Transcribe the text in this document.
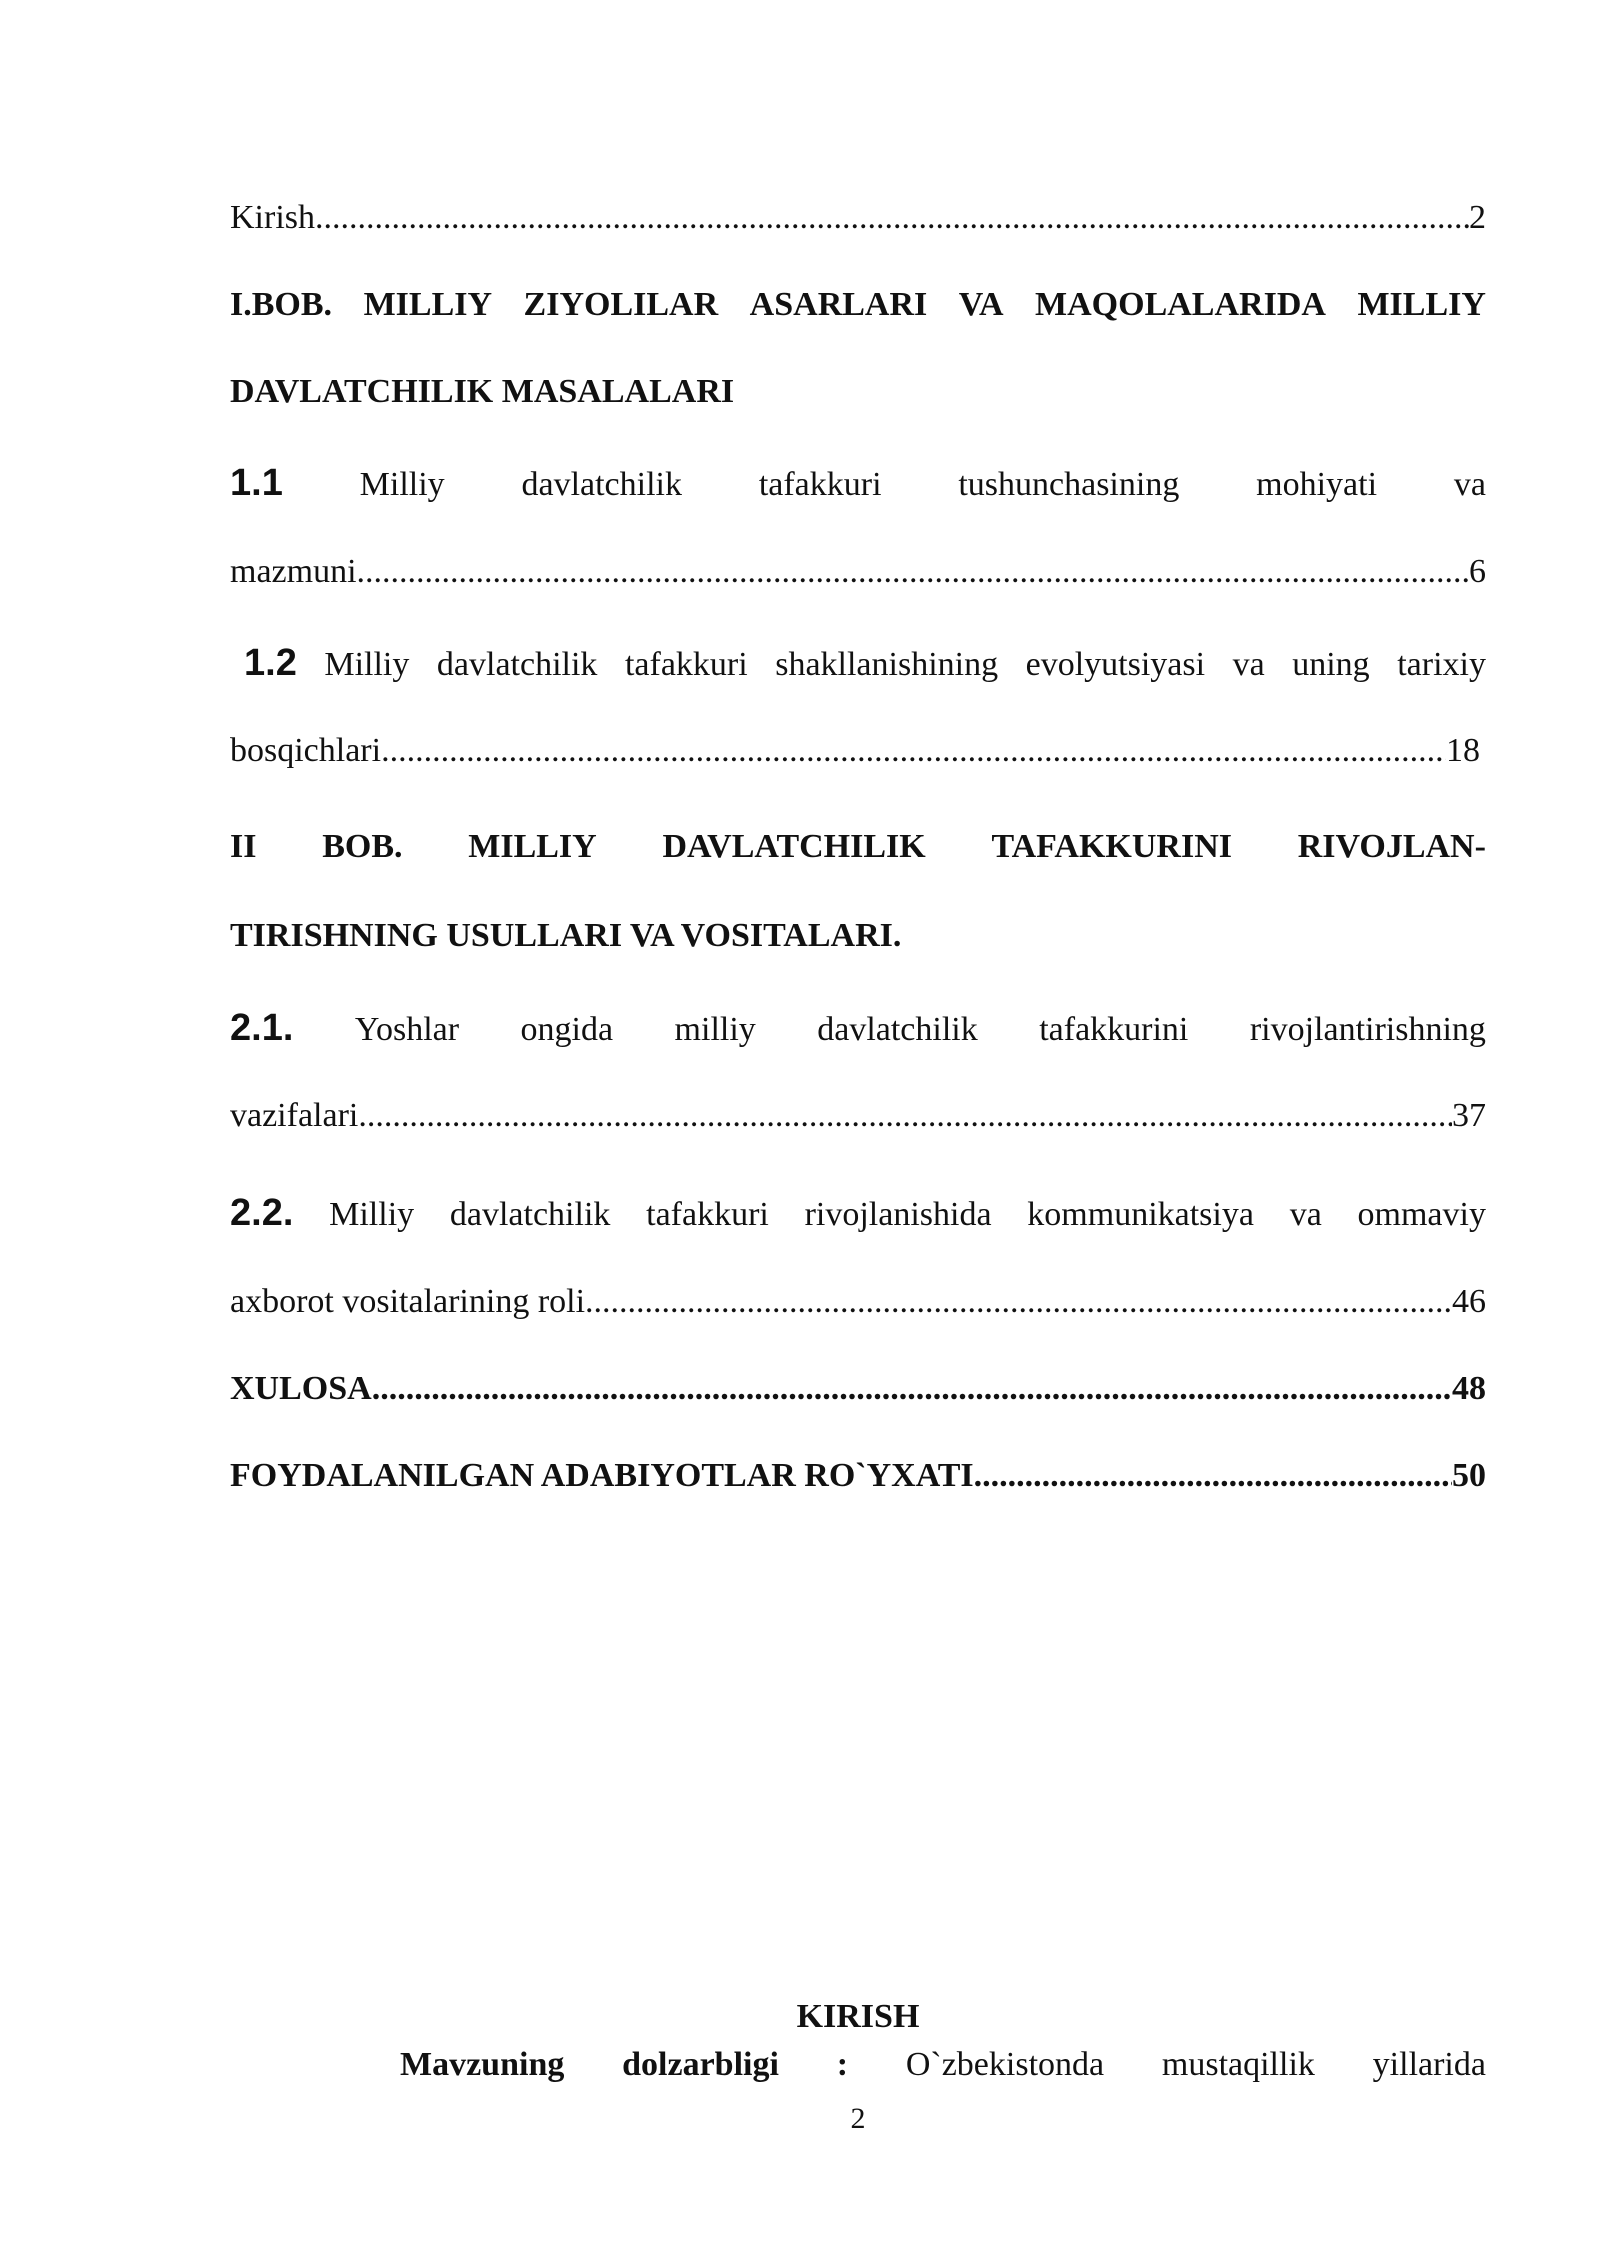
Kirish .....	2
I.BOB. MILLIY ZIYOLILAR ASARLARI VA MAQOLALARIDA MILLIY
DAVLATCHILIK MASALALARI
1.1 Milliy davlatchilik tafakkuri tushunchasining mohiyati va
mazmuni .....	6
1.2 Milliy davlatchilik tafakkuri shakllanishining evolyutsiyasi va uning tarixiy
bosqichlari .....	18
II BOB. MILLIY DAVLATCHILIK TAFAKKURINI RIVOJLAN-
TIRISHNING USULLARI VA VOSITALARI.
2.1. Yoshlar ongida milliy davlatchilik tafakkurini rivojlantirishning
vazifalari .....	37
2.2. Milliy davlatchilik tafakkuri rivojlanishida kommunikatsiya va ommaviy
axborot vositalarining roli .....	46
XULOSA .....	48
FOYDALANILGAN ADABIYOTLAR RO`YXATI .....	50
KIRISH
Mavzuning dolzarbligi : O`zbekistonda mustaqillik yillarida
2
